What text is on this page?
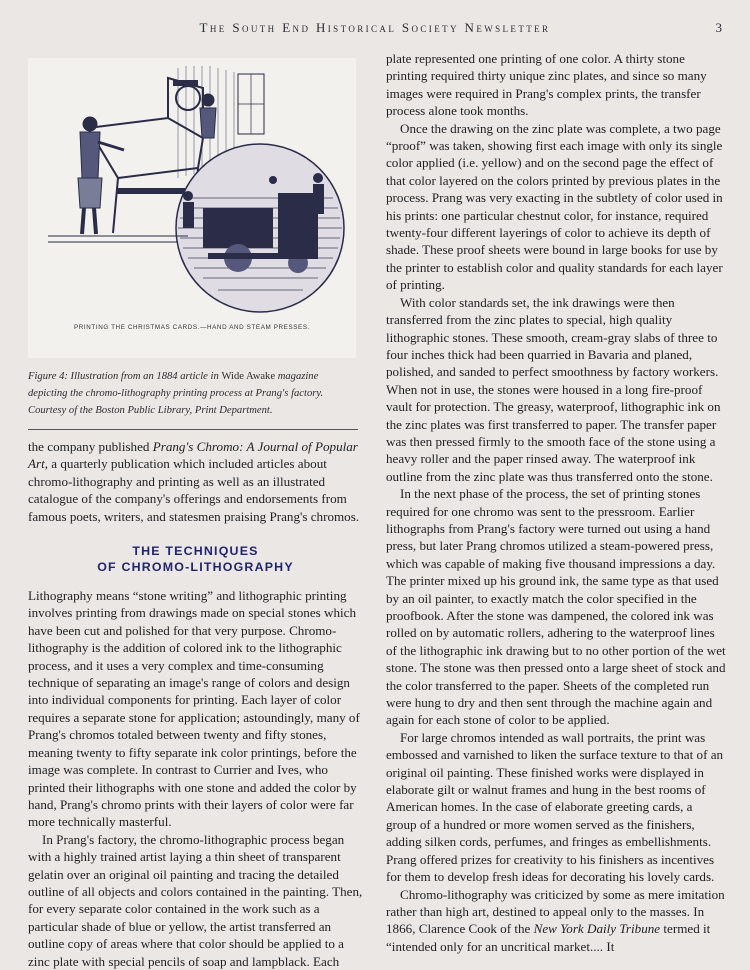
The South End Historical Society Newsletter	3
PRINTING THE CHRISTMAS CARDS.—HAND AND STEAM PRESSES.
Figure 4: Illustration from an 1884 article in Wide Awake magazine depicting the chromo-lithography printing process at Prang's factory. Courtesy of the Boston Public Library, Print Department.

the company published Prang's Chromo: A Journal of Popular Art, a quarterly publication which included articles about chromo-lithography and printing as well as an illustrated catalogue of the company's offerings and endorsements from famous poets, writers, and statesmen praising Prang's chromos.

THE TECHNIQUES
OF CHROMO-LITHOGRAPHY

Lithography means “stone writing” and lithographic printing involves printing from drawings made on special stones which have been cut and polished for that very purpose. Chromo-lithography is the addition of colored ink to the lithographic process, and it uses a very complex and time-consuming technique of separating an image's range of colors and design into individual components for printing. Each layer of color requires a separate stone for application; astoundingly, many of Prang's chromos totaled between twenty and fifty stones, meaning twenty to fifty separate ink color printings, before the image was complete. In contrast to Currier and Ives, who printed their lithographs with one stone and added the color by hand, Prang's chromo prints with their layers of color were far more technically masterful.

In Prang's factory, the chromo-lithographic process began with a highly trained artist laying a thin sheet of transparent gelatin over an original oil painting and tracing the detailed outline of all objects and colors contained in the painting. Then, for every separate color contained in the work such as a particular shade of blue or yellow, the artist transferred an outline copy of areas where that color should be applied to a zinc plate with special pencils of soap and lampblack. Each

plate represented one printing of one color. A thirty stone printing required thirty unique zinc plates, and since so many images were required in Prang's complex prints, the transfer process alone took months.

Once the drawing on the zinc plate was complete, a two page “proof” was taken, showing first each image with only its single color applied (i.e. yellow) and on the second page the effect of that color layered on the colors printed by previous plates in the process. Prang was very exacting in the subtlety of color used in his prints: one particular chestnut color, for instance, required twenty-four different layerings of color to achieve its depth of shade. These proof sheets were bound in large books for use by the printer to establish color and quality standards for each layer of printing.

With color standards set, the ink drawings were then transferred from the zinc plates to special, high quality lithographic stones. These smooth, cream-gray slabs of three to four inches thick had been quarried in Bavaria and planed, polished, and sanded to perfect smoothness by factory workers. When not in use, the stones were housed in a long fire-proof vault for protection. The greasy, waterproof, lithographic ink on the zinc plates was first transferred to paper. The transfer paper was then pressed firmly to the smooth face of the stone using a heavy roller and the paper rinsed away. The waterproof ink outline from the zinc plate was thus transferred onto the stone.

In the next phase of the process, the set of printing stones required for one chromo was sent to the pressroom. Earlier lithographs from Prang's factory were turned out using a hand press, but later Prang chromos utilized a steam-powered press, which was capable of making five thousand impressions a day. The printer mixed up his ground ink, the same type as that used by an oil painter, to exactly match the color specified in the proofbook. After the stone was dampened, the colored ink was rolled on by automatic rollers, adhering to the waterproof lines of the lithographic ink drawing but to no other portion of the wet stone. The stone was then pressed onto a large sheet of stock and the color transferred to the paper. Sheets of the completed run were hung to dry and then sent through the machine again and again for each stone of color to be applied.

For large chromos intended as wall portraits, the print was embossed and varnished to liken the surface texture to that of an original oil painting. These finished works were displayed in elaborate gilt or walnut frames and hung in the best rooms of American homes. In the case of elaborate greeting cards, a group of a hundred or more women served as the finishers, adding silken cords, perfumes, and fringes as embellishments. Prang offered prizes for creativity to his finishers as incentives for them to develop fresh ideas for decorating his lovely cards.

Chromo-lithography was criticized by some as mere imitation rather than high art, destined to appeal only to the masses. In 1866, Clarence Cook of the New York Daily Tribune termed it “intended only for an uncritical market.... It
